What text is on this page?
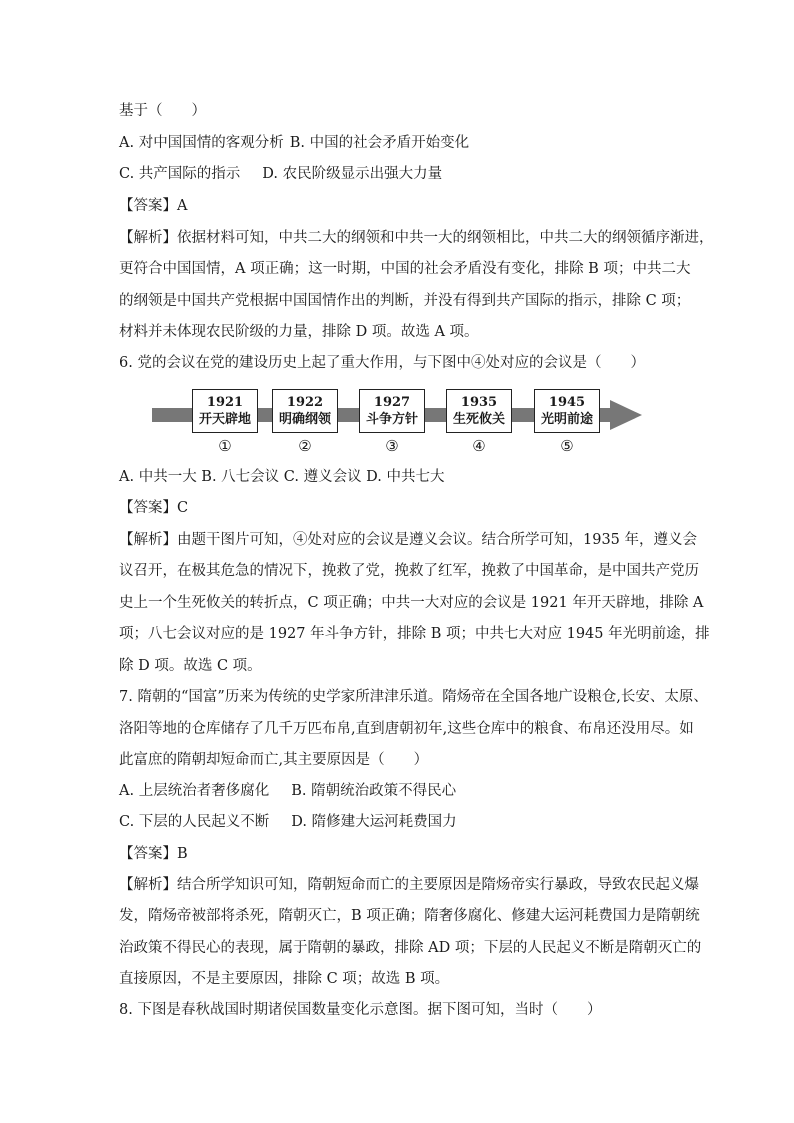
基于（　　）
A. 对中国国情的客观分析 B. 中国的社会矛盾开始变化
C. 共产国际的指示 D. 农民阶级显示出强大力量
【答案】A
【解析】依据材料可知，中共二大的纲领和中共一大的纲领相比，中共二大的纲领循序渐进，
更符合中国国情，A 项正确；这一时期，中国的社会矛盾没有变化，排除 B 项；中共二大
的纲领是中国共产党根据中国国情作出的判断，并没有得到共产国际的指示，排除 C 项；
材料并未体现农民阶级的力量，排除 D 项。故选 A 项。
6. 党的会议在党的建设历史上起了重大作用，与下图中④处对应的会议是（　　）
1921
开天辟地
①
1922
明确纲领
②
1927
斗争方针
③
1935
生死攸关
④
1945
光明前途
⑤
A. 中共一大 B. 八七会议 C. 遵义会议 D. 中共七大
【答案】C
【解析】由题干图片可知，④处对应的会议是遵义会议。结合所学可知，1935 年，遵义会
议召开，在极其危急的情况下，挽救了党，挽救了红军，挽救了中国革命，是中国共产党历
史上一个生死攸关的转折点，C 项正确；中共一大对应的会议是 1921 年开天辟地，排除 A
项；八七会议对应的是 1927 年斗争方针，排除 B 项；中共七大对应 1945 年光明前途，排
除 D 项。故选 C 项。
7. 隋朝的“国富”历来为传统的史学家所津津乐道。隋炀帝在全国各地广设粮仓,长安、太原、
洛阳等地的仓库储存了几千万匹布帛,直到唐朝初年,这些仓库中的粮食、布帛还没用尽。如
此富庶的隋朝却短命而亡,其主要原因是（　　）
A. 上层统治者奢侈腐化 B. 隋朝统治政策不得民心
C. 下层的人民起义不断 D. 隋修建大运河耗费国力
【答案】B
【解析】结合所学知识可知，隋朝短命而亡的主要原因是隋炀帝实行暴政，导致农民起义爆
发，隋炀帝被部将杀死，隋朝灭亡，B 项正确；隋奢侈腐化、修建大运河耗费国力是隋朝统
治政策不得民心的表现，属于隋朝的暴政，排除 AD 项；下层的人民起义不断是隋朝灭亡的
直接原因，不是主要原因，排除 C 项；故选 B 项。
8. 下图是春秋战国时期诸侯国数量变化示意图。据下图可知，当时（　　）
